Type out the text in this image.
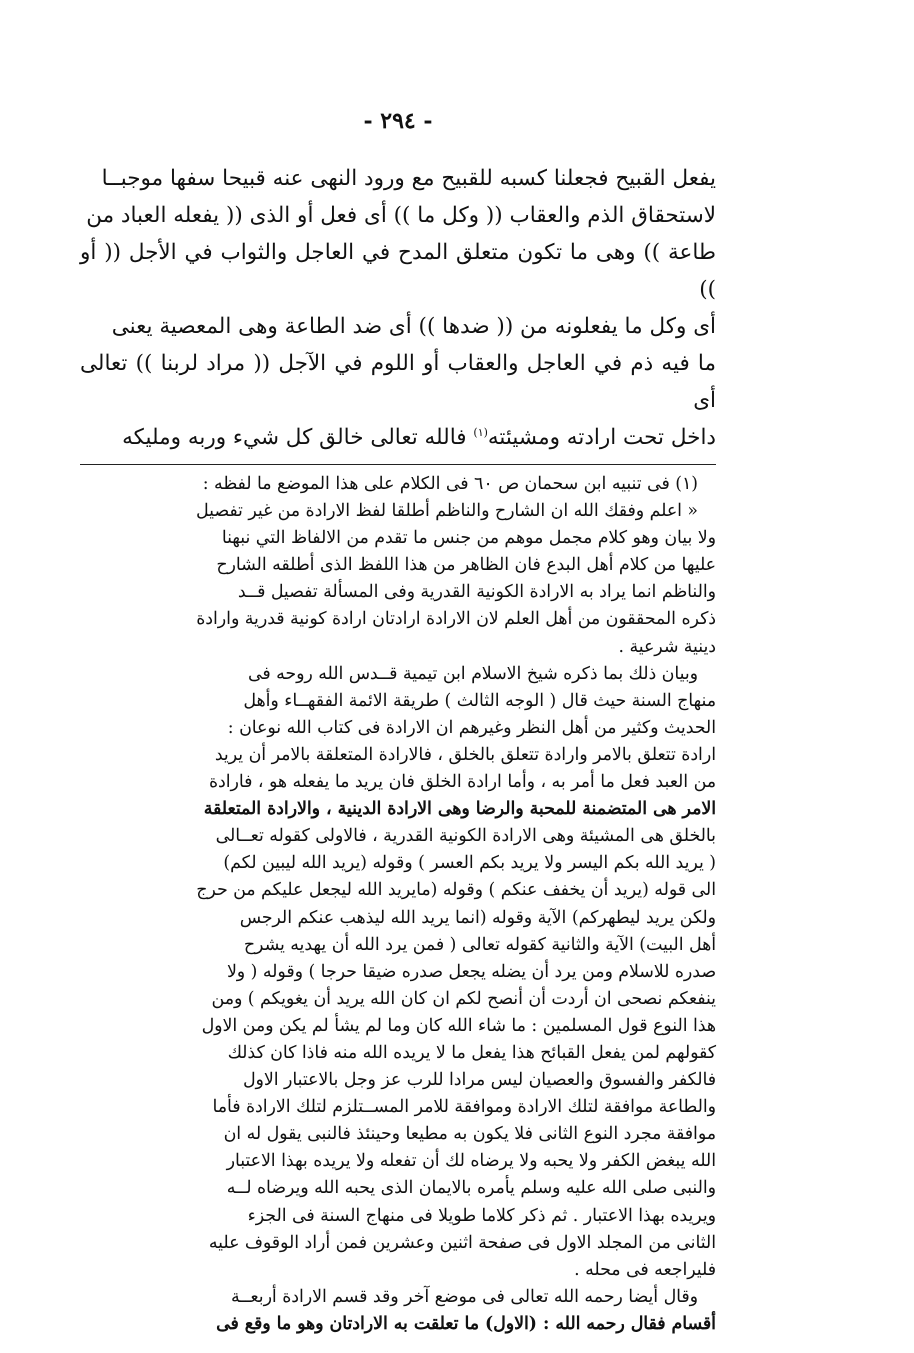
- ٢٩٤ -

يفعل القبيح فجعلنا كسبه للقبيح مع ورود النهى عنه قبيحا سفها موجبــا

لاستحقاق الذم والعقاب (( وكل ما )) أى فعل أو الذى (( يفعله العباد من

طاعة )) وهى ما تكون متعلق المدح في العاجل والثواب في الأجل (( أو ))

أى وكل ما يفعلونه من (( ضدها )) أى ضد الطاعة وهى المعصية يعنى

ما فيه ذم في العاجل والعقاب أو اللوم في الآجل (( مراد لربنا )) تعالى أى

داخل تحت ارادته ومشيئته$^{(١)}$ فالله تعالى خالق كل شيء وربه ومليكه

(١) فى تنبيه ابن سحمان ص ٦٠ فى الكلام على هذا الموضع ما لفظه :

« اعلم وفقك الله ان الشارح والناظم أطلقا لفظ الارادة من غير تفصيل

ولا بيان وهو كلام مجمل موهم من جنس ما تقدم من الالفاظ التي نبهنا

عليها من كلام أهل البدع فان الظاهر من هذا اللفظ الذى أطلقه الشارح

والناظم انما يراد به الارادة الكونية القدرية وفى المسألة تفصيل قــد

ذكره المحققون من أهل العلم لان الارادة ارادتان ارادة كونية قدرية وارادة

دينية شرعية .

وبيان ذلك بما ذكره شيخ الاسلام ابن تيمية قــدس الله روحه فى

منهاج السنة حيث قال ( الوجه الثالث ) طريقة الائمة الفقهــاء وأهل

الحديث وكثير من أهل النظر وغيرهم ان الارادة فى كتاب الله نوعان :

ارادة تتعلق بالامر وارادة تتعلق بالخلق ، فالارادة المتعلقة بالامر أن يريد

من العبد فعل ما أمر به ، وأما ارادة الخلق فان يريد ما يفعله هو ، فارادة

الامر هى المتضمنة للمحبة والرضا وهى الارادة الدينية ، والارادة المتعلقة

بالخلق هى المشيئة وهى الارادة الكونية القدرية ، فالاولى كقوله تعــالى

( يريد الله بكم اليسر ولا يريد بكم العسر ) وقوله (يريد الله ليبين لكم)

الى قوله (يريد أن يخفف عنكم ) وقوله (مايريد الله ليجعل عليكم من حرج

ولكن يريد ليطهركم) الآية وقوله (انما يريد الله ليذهب عنكم الرجس

أهل البيت) الآية والثانية كقوله تعالى ( فمن يرد الله أن يهديه يشرح

صدره للاسلام ومن يرد أن يضله يجعل صدره ضيقا حرجا ) وقوله ( ولا

ينفعكم نصحى ان أردت أن أنصح لكم ان كان الله يريد أن يغويكم ) ومن

هذا النوع قول المسلمين : ما شاء الله كان وما لم يشأ لم يكن ومن الاول

كقولهم لمن يفعل القبائح هذا يفعل ما لا يريده الله منه فاذا كان كذلك

فالكفر والفسوق والعصيان ليس مرادا للرب عز وجل بالاعتبار الاول

والطاعة موافقة لتلك الارادة وموافقة للامر المســتلزم لتلك الارادة فأما

موافقة مجرد النوع الثانى فلا يكون به مطيعا وحينئذ فالنبى يقول له ان

الله يبغض الكفر ولا يحبه ولا يرضاه لك أن تفعله ولا يريده بهذا الاعتبار

والنبى صلى الله عليه وسلم يأمره بالايمان الذى يحبه الله ويرضاه لــه

ويريده بهذا الاعتبار . ثم ذكر كلاما طويلا فى منهاج السنة فى الجزء

الثانى من المجلد الاول فى صفحة اثنين وعشرين فمن أراد الوقوف عليه

فليراجعه فى محله .

وقال أيضا رحمه الله تعالى فى موضع آخر وقد قسم الارادة أربعــة

أقسام فقال رحمه الله : (الاول) ما تعلقت به الارادتان وهو ما وقع فى
